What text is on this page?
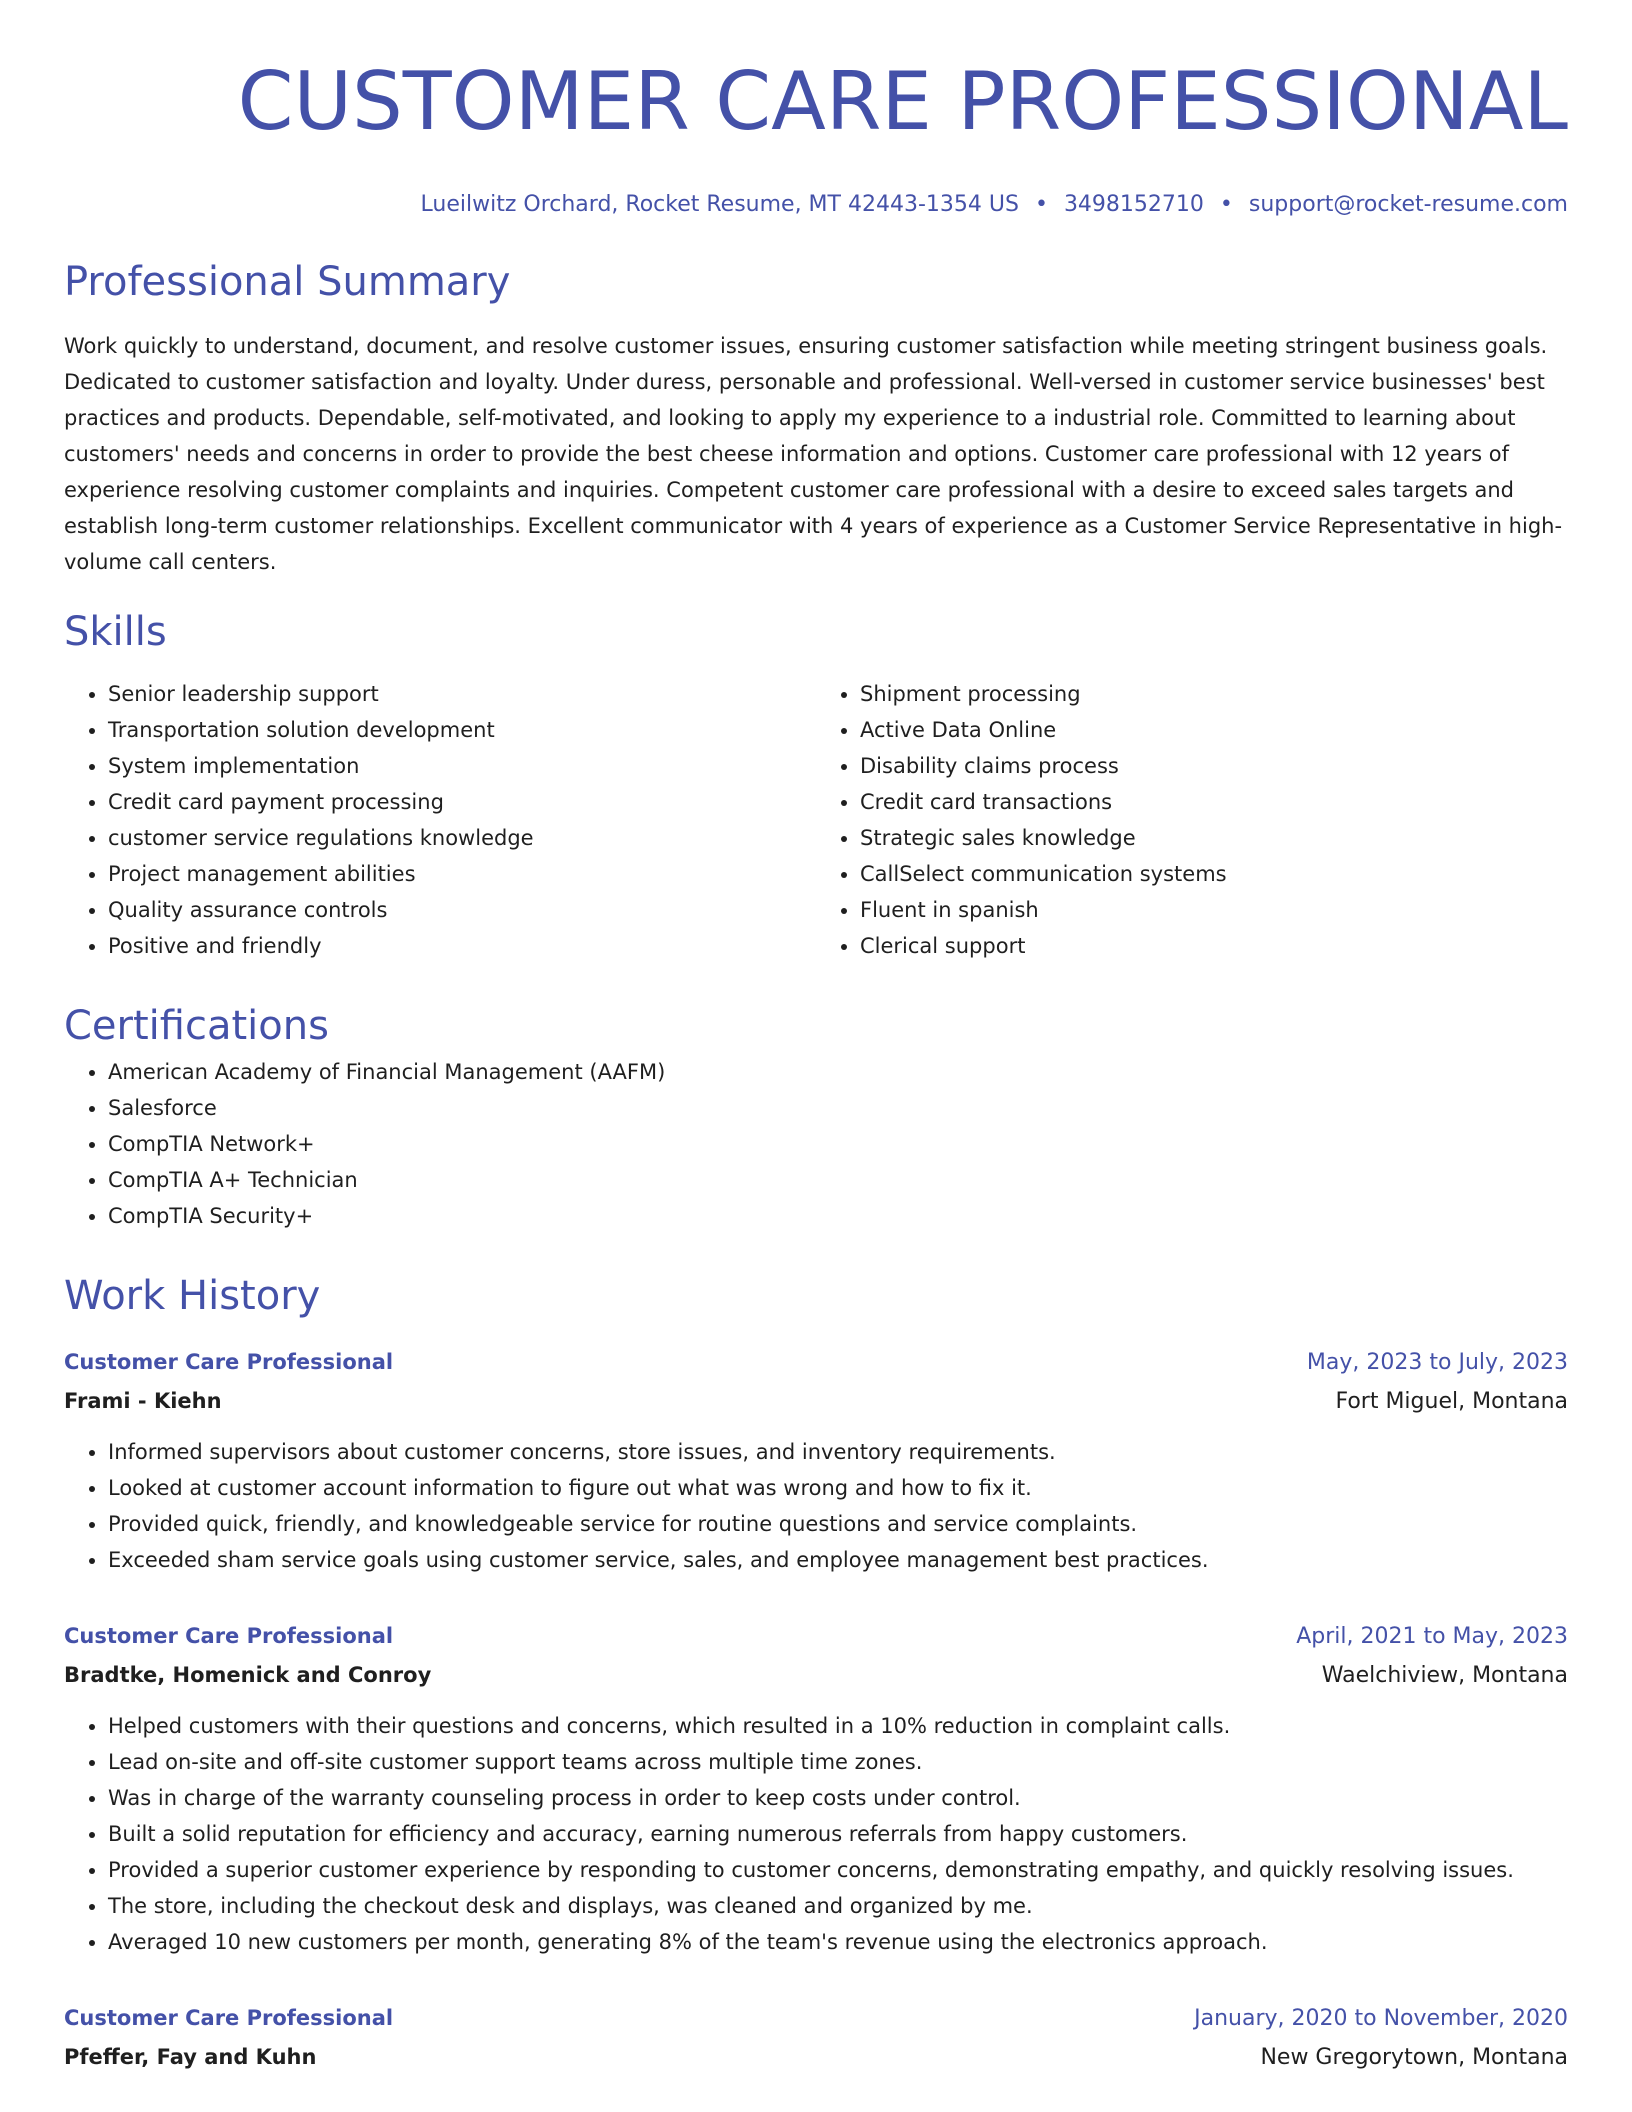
CUSTOMER CARE PROFESSIONAL
Lueilwitz Orchard, Rocket Resume, MT 42443-1354 US • 3498152710 • support@rocket-resume.com
Professional Summary

Work quickly to understand, document, and resolve customer issues, ensuring customer satisfaction while meeting stringent business goals. Dedicated to customer satisfaction and loyalty. Under duress, personable and professional. Well-versed in customer service businesses' best practices and products. Dependable, self-motivated, and looking to apply my experience to a industrial role. Committed to learning about customers' needs and concerns in order to provide the best cheese information and options. Customer care professional with 12 years of experience resolving customer complaints and inquiries. Competent customer care professional with a desire to exceed sales targets and establish long-term customer relationships. Excellent communicator with 4 years of experience as a Customer Service Representative in high-volume call centers.

Skills
• Senior leadership support
• Transportation solution development
• System implementation
• Credit card payment processing
• customer service regulations knowledge
• Project management abilities
• Quality assurance controls
• Positive and friendly
• Shipment processing
• Active Data Online
• Disability claims process
• Credit card transactions
• Strategic sales knowledge
• CallSelect communication systems
• Fluent in spanish
• Clerical support
Certifications
• American Academy of Financial Management (AAFM)
• Salesforce
• CompTIA Network+
• CompTIA A+ Technician
• CompTIA Security+
Work History
Customer Care Professional	May, 2023 to July, 2023
Frami - Kiehn	Fort Miguel, Montana
• Informed supervisors about customer concerns, store issues, and inventory requirements.
• Looked at customer account information to figure out what was wrong and how to fix it.
• Provided quick, friendly, and knowledgeable service for routine questions and service complaints.
• Exceeded sham service goals using customer service, sales, and employee management best practices.
Customer Care Professional	April, 2021 to May, 2023
Bradtke, Homenick and Conroy	Waelchiview, Montana
• Helped customers with their questions and concerns, which resulted in a 10% reduction in complaint calls.
• Lead on-site and off-site customer support teams across multiple time zones.
• Was in charge of the warranty counseling process in order to keep costs under control.
• Built a solid reputation for efficiency and accuracy, earning numerous referrals from happy customers.
• Provided a superior customer experience by responding to customer concerns, demonstrating empathy, and quickly resolving issues.
• The store, including the checkout desk and displays, was cleaned and organized by me.
• Averaged 10 new customers per month, generating 8% of the team's revenue using the electronics approach.
Customer Care Professional	January, 2020 to November, 2020
Pfeffer, Fay and Kuhn	New Gregorytown, Montana
